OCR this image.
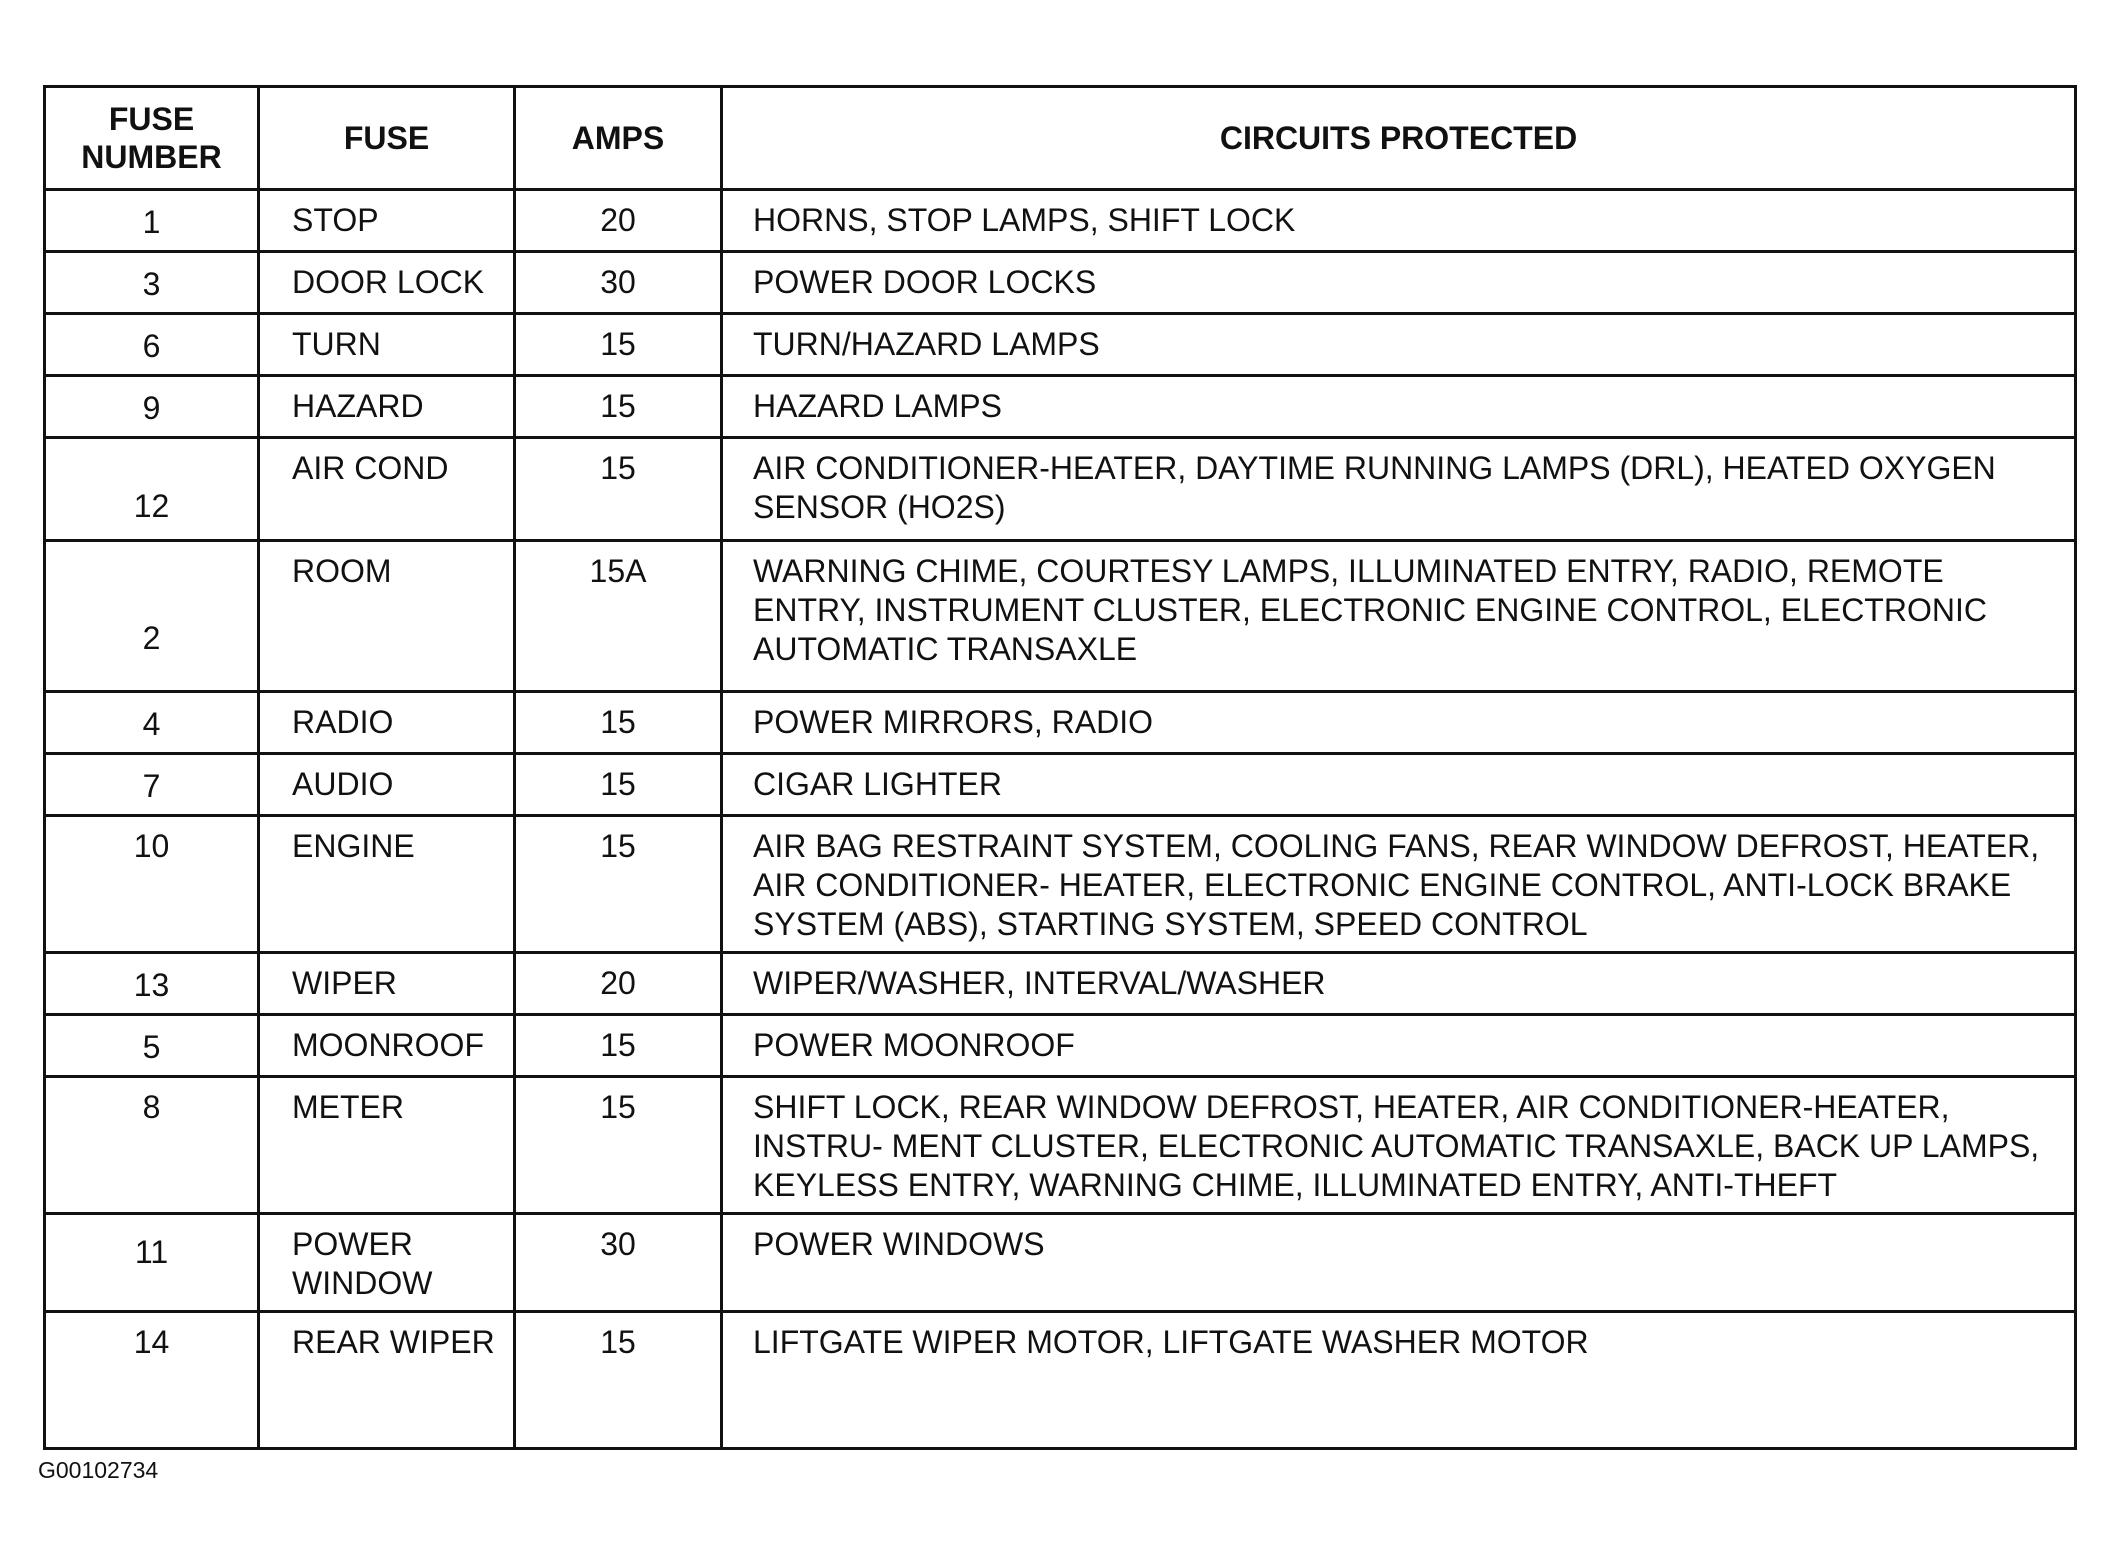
FUSE NUMBER	FUSE	AMPS	CIRCUITS PROTECTED
1	STOP	20	HORNS, STOP LAMPS, SHIFT LOCK
3	DOOR LOCK	30	POWER DOOR LOCKS
6	TURN	15	TURN/HAZARD LAMPS
9	HAZARD	15	HAZARD LAMPS
12	AIR COND	15	AIR CONDITIONER-HEATER, DAYTIME RUNNING LAMPS (DRL), HEATED OXYGEN SENSOR (HO2S)
2	ROOM	15A	WARNING CHIME, COURTESY LAMPS, ILLUMINATED ENTRY, RADIO, REMOTE ENTRY, INSTRUMENT CLUSTER, ELECTRONIC ENGINE CONTROL, ELECTRONIC AUTOMATIC TRANSAXLE
4	RADIO	15	POWER MIRRORS, RADIO
7	AUDIO	15	CIGAR LIGHTER
10	ENGINE	15	AIR BAG RESTRAINT SYSTEM, COOLING FANS, REAR WINDOW DEFROST, HEATER, AIR CONDITIONER- HEATER, ELECTRONIC ENGINE CONTROL, ANTI-LOCK BRAKE SYSTEM (ABS), STARTING SYSTEM, SPEED CONTROL
13	WIPER	20	WIPER/WASHER, INTERVAL/WASHER
5	MOONROOF	15	POWER MOONROOF
8	METER	15	SHIFT LOCK, REAR WINDOW DEFROST, HEATER, AIR CONDITIONER-HEATER, INSTRU- MENT CLUSTER, ELECTRONIC AUTOMATIC TRANSAXLE, BACK UP LAMPS, KEYLESS ENTRY, WARNING CHIME, ILLUMINATED ENTRY, ANTI-THEFT
11	POWER WINDOW	30	POWER WINDOWS
14	REAR WIPER	15	LIFTGATE WIPER MOTOR, LIFTGATE WASHER MOTOR
G00102734
